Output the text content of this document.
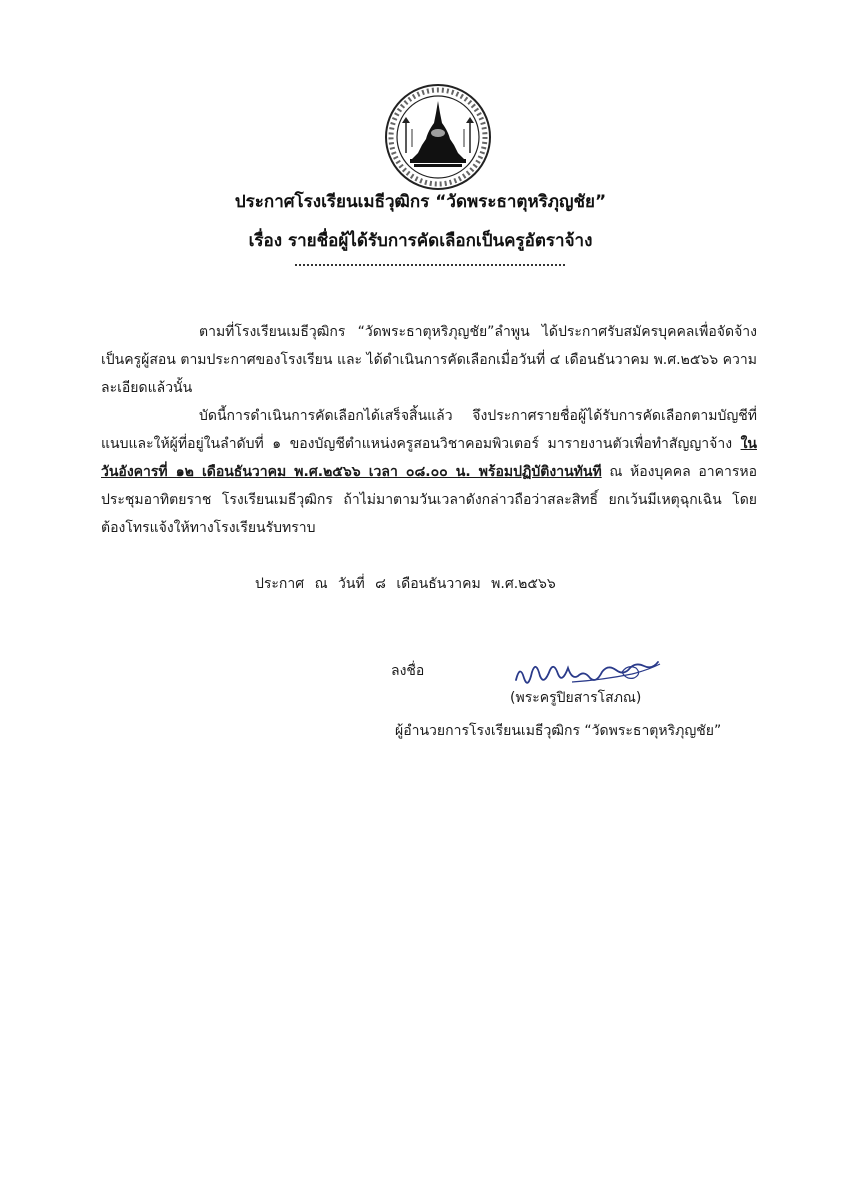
ประกาศโรงเรียนเมธีวุฒิกร “วัดพระธาตุหริภุญชัย”
เรื่อง รายชื่อผู้ได้รับการคัดเลือกเป็นครูอัตราจ้าง
ตามที่โรงเรียนเมธีวุฒิกร “วัดพระธาตุหริภุญชัย”ลำพูน ได้ประกาศรับสมัครบุคคลเพื่อจัดจ้างเป็นครูผู้สอน ตามประกาศของโรงเรียน และ ได้ดำเนินการคัดเลือกเมื่อวันที่ ๔ เดือนธันวาคม พ.ศ.๒๕๖๖ ความละเอียดแล้วนั้น
บัดนี้การดำเนินการคัดเลือกได้เสร็จสิ้นแล้ว จึงประกาศรายชื่อผู้ได้รับการคัดเลือกตามบัญชีที่แนบและให้ผู้ที่อยู่ในลำดับที่ ๑ ของบัญชีตำแหน่งครูสอนวิชาคอมพิวเตอร์ มารายงานตัวเพื่อทำสัญญาจ้าง ในวันอังคารที่ ๑๒ เดือนธันวาคม พ.ศ.๒๕๖๖ เวลา ๐๘.๐๐ น. พร้อมปฏิบัติงานทันที ณ ห้องบุคคล อาคารหอประชุมอาทิตยราช โรงเรียนเมธีวุฒิกร ถ้าไม่มาตามวันเวลาดังกล่าวถือว่าสละสิทธิ์ ยกเว้นมีเหตุฉุกเฉิน โดยต้องโทรแจ้งให้ทางโรงเรียนรับทราบ
ประกาศ ณ วันที่ ๘ เดือนธันวาคม พ.ศ.๒๕๖๖
ลงชื่อ
(พระครูปิยสารโสภณ)
ผู้อำนวยการโรงเรียนเมธีวุฒิกร “วัดพระธาตุหริภุญชัย”
